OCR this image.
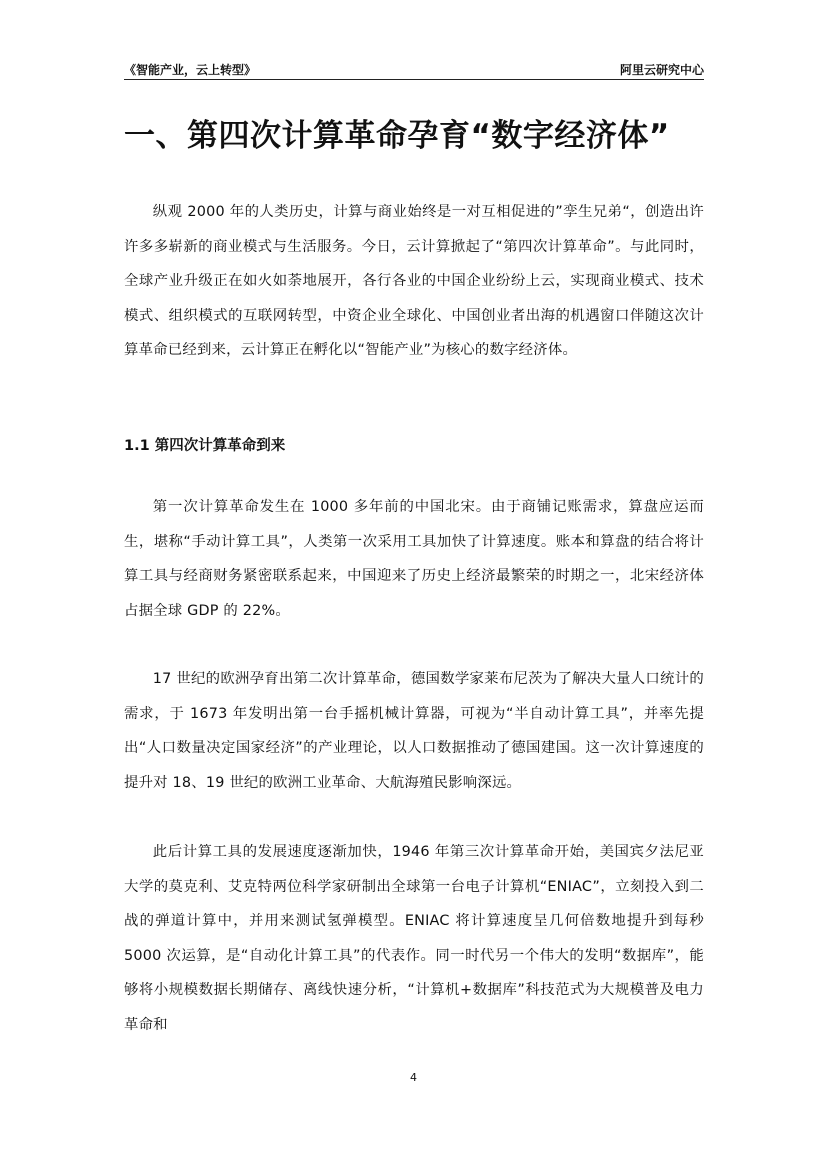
《智能产业，云上转型》	阿里云研究中心
一、第四次计算革命孕育“数字经济体”

纵观 2000 年的人类历史，计算与商业始终是一对互相促进的”孪生兄弟“，创造出许许多多崭新的商业模式与生活服务。今日，云计算掀起了“第四次计算革命”。与此同时，全球产业升级正在如火如荼地展开，各行各业的中国企业纷纷上云，实现商业模式、技术模式、组织模式的互联网转型，中资企业全球化、中国创业者出海的机遇窗口伴随这次计算革命已经到来，云计算正在孵化以“智能产业”为核心的数字经济体。

1.1 第四次计算革命到来

第一次计算革命发生在 1000 多年前的中国北宋。由于商铺记账需求，算盘应运而生，堪称“手动计算工具”，人类第一次采用工具加快了计算速度。账本和算盘的结合将计算工具与经商财务紧密联系起来，中国迎来了历史上经济最繁荣的时期之一，北宋经济体占据全球 GDP 的 22%。

17 世纪的欧洲孕育出第二次计算革命，德国数学家莱布尼茨为了解决大量人口统计的需求，于 1673 年发明出第一台手摇机械计算器，可视为“半自动计算工具”，并率先提出“人口数量决定国家经济”的产业理论，以人口数据推动了德国建国。这一次计算速度的提升对 18、19 世纪的欧洲工业革命、大航海殖民影响深远。

此后计算工具的发展速度逐渐加快，1946 年第三次计算革命开始，美国宾夕法尼亚大学的莫克利、艾克特两位科学家研制出全球第一台电子计算机“ENIAC”，立刻投入到二战的弹道计算中，并用来测试氢弹模型。ENIAC 将计算速度呈几何倍数地提升到每秒 5000 次运算，是“自动化计算工具”的代表作。同一时代另一个伟大的发明“数据库”，能够将小规模数据长期储存、离线快速分析，“计算机+数据库”科技范式为大规模普及电力革命和

4
